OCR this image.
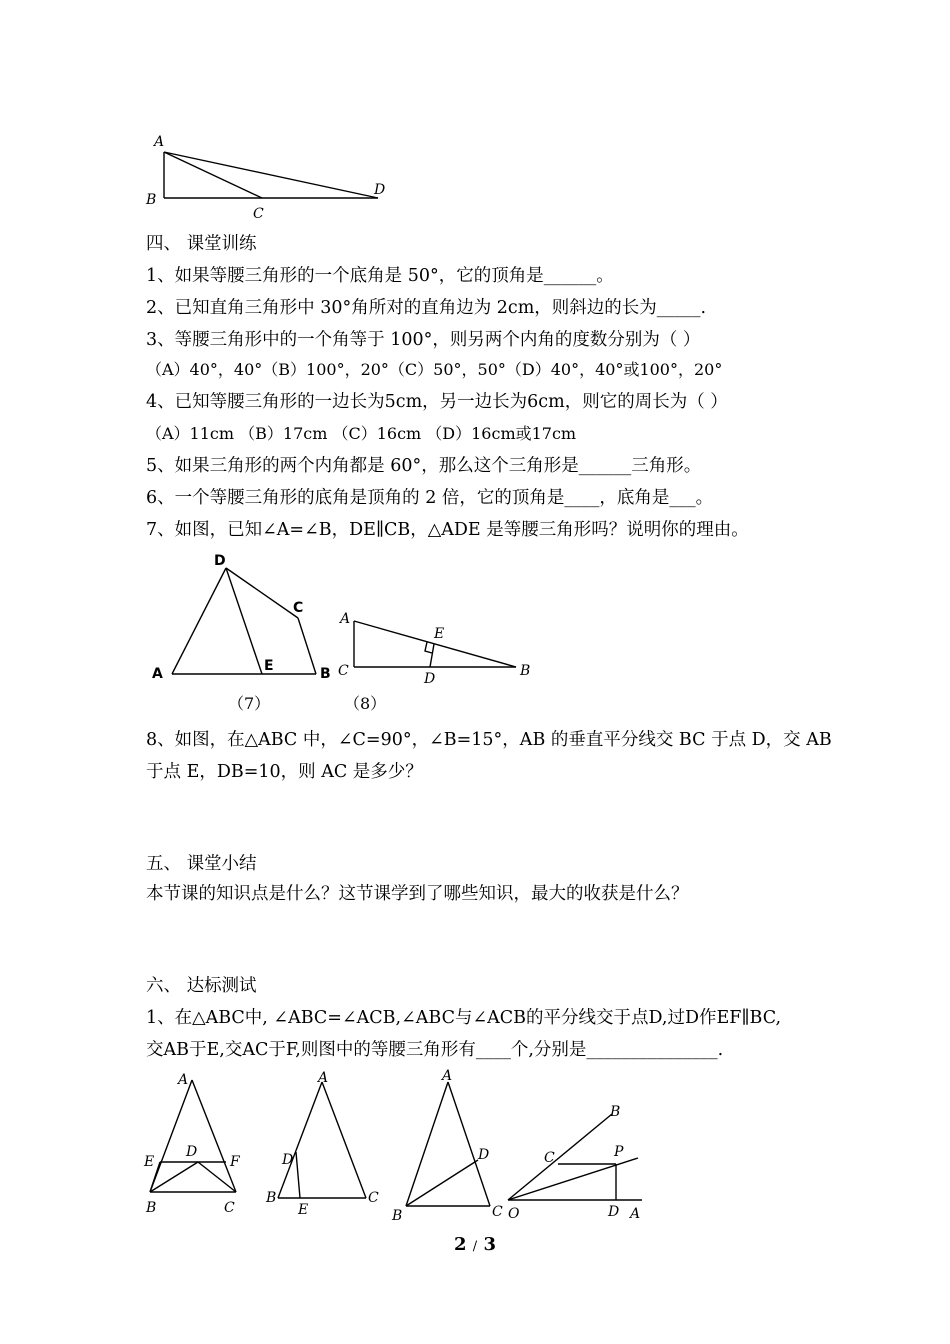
A
B
C
D
四、 课堂训练
1、如果等腰三角形的一个底角是 50°，它的顶角是______。
2、已知直角三角形中 30°角所对的直角边为 2cm，则斜边的长为_____.
3、等腰三角形中的一个角等于 100°，则另两个内角的度数分别为（ ）
（A）40°，40°（B）100°，20°（C）50°，50°（D）40°，40°或100°，20°
4、已知等腰三角形的一边长为5cm，另一边长为6cm，则它的周长为（ ）
（A）11cm （B）17cm （C）16cm （D）16cm或17cm
5、如果三角形的两个内角都是 60°，那么这个三角形是______三角形。
6、一个等腰三角形的底角是顶角的 2 倍，它的顶角是____，底角是___。
7、如图，已知∠A=∠B，DE∥CB，△ADE 是等腰三角形吗？说明你的理由。
D
C
A	E	B
（7）
A
E
C	D	B
（8）
8、如图，在△ABC 中，∠C=90°，∠B=15°，AB 的垂直平分线交 BC 于点 D，交 AB
于点 E，DB=10，则 AC 是多少？
五、 课堂小结
本节课的知识点是什么？这节课学到了哪些知识，最大的收获是什么？
六、 达标测试
1、在△ABC中, ∠ABC=∠ACB,∠ABC与∠ACB的平分线交于点D,过D作EF∥BC,
交AB于E,交AC于F,则图中的等腰三角形有____个,分别是_______________.
A
E
D
F
B	C
A
D
B
E
C
A
D
B	C
B
C	P
O	D A
2 / 3
